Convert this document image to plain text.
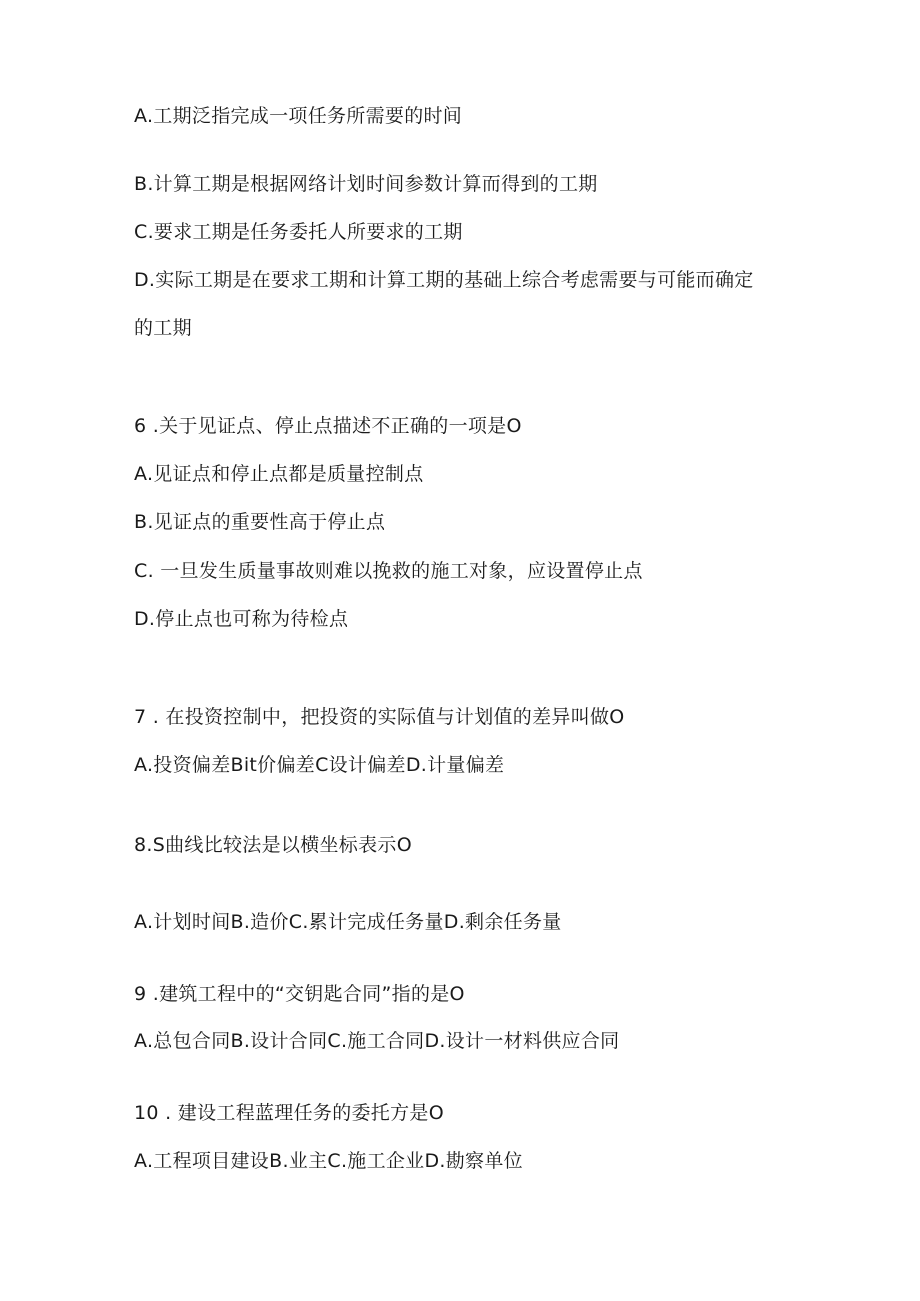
A.工期泛指完成一项任务所需要的时间
B.计算工期是根据网络计划时间参数计算而得到的工期
C.要求工期是任务委托人所要求的工期
D.实际工期是在要求工期和计算工期的基础上综合考虑需要与可能而确定
的工期
6 .关于见证点、停止点描述不正确的一项是O
A.见证点和停止点都是质量控制点
B.见证点的重要性高于停止点
C. 一旦发生质量事故则难以挽救的施工对象，应设置停止点
D.停止点也可称为待检点
7 . 在投资控制中，把投资的实际值与计划值的差异叫做O
A.投资偏差Bit价偏差C设计偏差D.计量偏差
8.S曲线比较法是以横坐标表示O
A.计划时间B.造价C.累计完成任务量D.剩余任务量
9 .建筑工程中的“交钥匙合同”指的是O
A.总包合同B.设计合同C.施工合同D.设计一材料供应合同
10 . 建设工程蓝理任务的委托方是O
A.工程项目建设B.业主C.施工企业D.勘察单位
